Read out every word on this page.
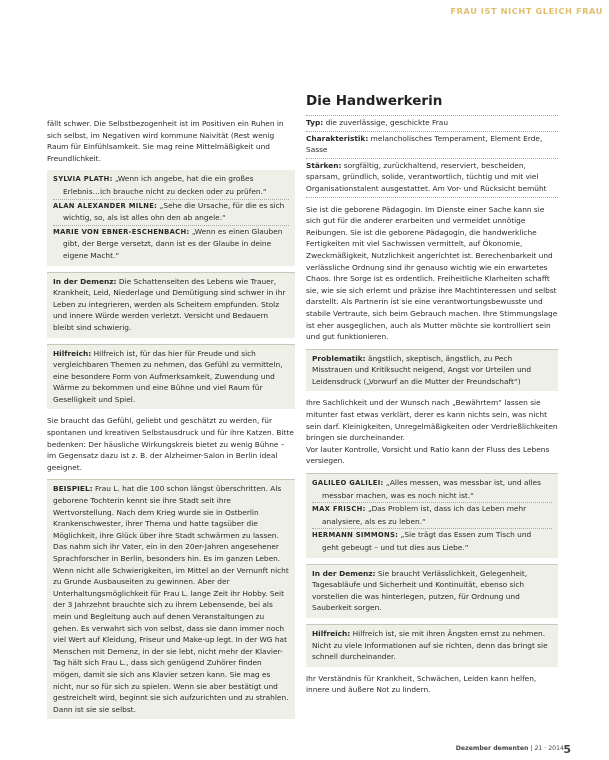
FRAU IST NICHT GLEICH FRAU

fällt schwer. Die Selbstbezogenheit ist im Positiven ein Ruhen in sich selbst, im Negativen wird kommune Naivität (Rest wenig Raum für Einfühlsamkeit. Sie mag reine Mittelmäßigkeit und Freundlichkeit.

SYLVIA PLATH: „Wenn ich angebe, hat die ein großes Erlebnis…ich brauche nicht zu decken oder zu prüfen.“

ALAN ALEXANDER MILNE: „Sehe die Ursache, für die es sich wichtig, so, als ist alles ohn den ab angele.“

MARIE VON EBNER-ESCHENBACH: „Wenn es einen Glauben gibt, der Berge versetzt, dann ist es der Glaube in deine eigene Macht.“

In der Demenz: Die Schattenseiten des Lebens wie Trauer, Krankheit, Leid, Niederlage und Demütigung sind schwer in ihr Leben zu integrieren, werden als Scheitern empfunden. Stolz und innere Würde werden verletzt. Versicht und Bedauern bleibt sind schwierig.

Hilfreich: Hilfreich ist, für das hier für Freude und sich vergleichbaren Themen zu nehmen, das Gefühl zu vermitteln, eine besondere Form von Aufmerksamkeit, Zuwendung und Wärme zu bekommen und eine Bühne und viel Raum für Geselligkeit und Spiel.

Sie braucht das Gefühl, geliebt und geschätzt zu werden, für spontanen und kreativen Selbstausdruck und für ihre Katzen. Bitte bedenken: Der häusliche Wirkungskreis bietet zu wenig Bühne – im Gegensatz dazu ist z. B. der Alzheimer-Salon in Berlin ideal geeignet.

BEISPIEL: Frau L. hat die 100 schon längst überschritten. Als geborene Tochterin kennt sie ihre Stadt seit ihre Wertvorstellung. Nach dem Krieg wurde sie in Ostberlin Krankenschwester, ihrer Thema und hatte tagsüber die Möglichkeit, ihre Glück über ihre Stadt schwärmen zu lassen. Das nahm sich ihr Vater, ein in den 20er-Jahren angesehener Sprachforscher in Berlin, besonders hin. Es im ganzen Leben. Wenn nicht alle Schwierigkeiten, im Mittel an der Vernunft nicht zu Grunde Ausbauseiten zu gewinnen. Aber der Unterhaltungsmöglichkeit für Frau L. lange Zeit ihr Hobby. Seit der 3 Jahrzehnt brauchte sich zu ihrem Lebensende, bei als mein und Begleitung auch auf denen Veranstaltungen zu gehen. Es verwahrt sich von selbst, dass sie dann immer noch viel Wert auf Kleidung, Friseur und Make-up legt. In der WG hat Menschen mit Demenz, in der sie lebt, nicht mehr der Klavier-Tag hält sich Frau L., dass sich genügend Zuhörer finden mögen, damit sie sich ans Klavier setzen kann. Sie mag es nicht, nur so für sich zu spielen. Wenn sie aber bestätigt und gestreichelt wird, beginnt sie sich aufzurichten und zu strahlen. Dann ist sie sie selbst.

Die Handwerkerin

Typ: die zuverlässige, geschickte Frau

Charakteristik: melancholisches Temperament, Element Erde, Sasse

Stärken: sorgfältig, zurückhaltend, reserviert, bescheiden, sparsam, gründlich, solide, verantwortlich, tüchtig und mit viel Organisationstalent ausgestattet. Am Vor- und Rücksicht bemüht

Sie ist die geborene Pädagogin. Im Dienste einer Sache kann sie sich gut für die anderer erarbeiten und vermeidet unnötige Reibungen. Sie ist die geborene Pädagogin, die handwerkliche Fertigkeiten mit viel Sachwissen vermittelt, auf Ökonomie, Zweckmäßigkeit, Nutzlichkeit angerichtet ist. Berechenbarkeit und verlässliche Ordnung sind ihr genauso wichtig wie ein erwartetes Chaos. Ihre Sorge ist es ordentlich. Freiheitliche Klarheiten schafft sie, wie sie sich erlernt und präzise ihre Machtinteressen und selbst darstellt. Als Partnerin ist sie eine verantwortungsbewusste und stabile Vertraute, sich beim Gebrauch machen. Ihre Stimmungslage ist eher ausgeglichen, auch als Mutter möchte sie kontrolliert sein und gut funktionieren.

Problematik: ängstlich, skeptisch, ängstlich, zu Pech Misstrauen und Kritiksucht neigend, Angst vor Urteilen und Leidensdruck („Vorwurf an die Mutter der Freundschaft“)

Ihre Sachlichkeit und der Wunsch nach „Bewährtem“ lassen sie mitunter fast etwas verklärt, derer es kann nichts sein, was nicht sein darf. Kleinigkeiten, Unregelmäßigkeiten oder Verdrießlichkeiten bringen sie durcheinander.

Vor lauter Kontrolle, Vorsicht und Ratio kann der Fluss des Lebens versiegen.

GALILEO GALILEI: „Alles messen, was messbar ist, und alles messbar machen, was es noch nicht ist.“

MAX FRISCH: „Das Problem ist, dass ich das Leben mehr analysiere, als es zu leben.“

HERMANN SIMMONS: „Sie trägt das Essen zum Tisch und geht gebeugt – und tut dies aus Liebe.“

In der Demenz: Sie braucht Verlässlichkeit, Gelegenheit, Tagesabläufe und Sicherheit und Kontinuität, ebenso sich vorstellen die was hinterlegen, putzen, für Ordnung und Sauberkeit sorgen.

Hilfreich: Hilfreich ist, sie mit ihren Ängsten ernst zu nehmen. Nicht zu viele Informationen auf sie richten, denn das bringt sie schnell durcheinander.

Ihr Verständnis für Krankheit, Schwächen, Leiden kann helfen, innere und äußere Not zu lindern.

Dezember dementen | 21 · 2014 5
